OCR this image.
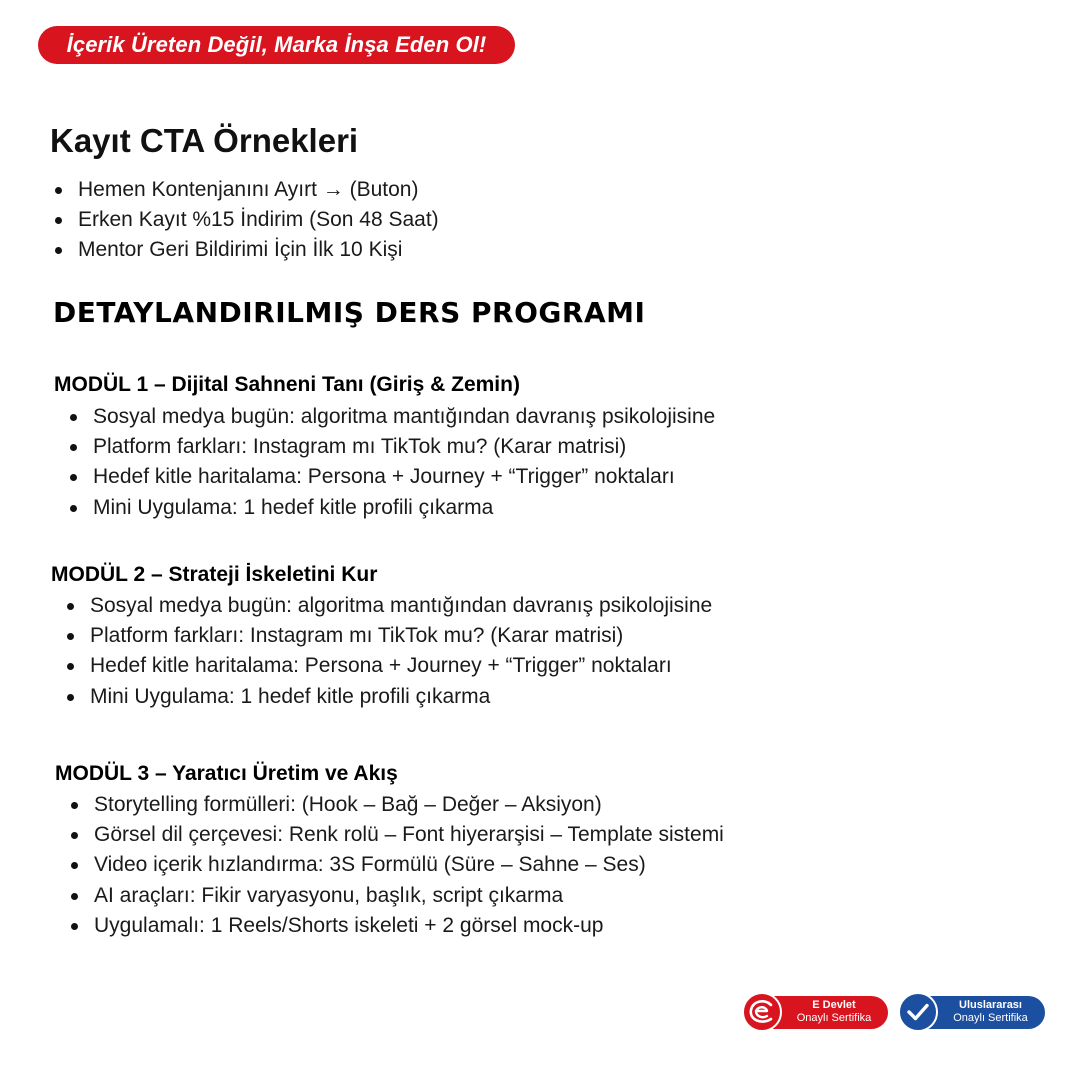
İçerik Üreten Değil, Marka İnşa Eden Ol!
Kayıt CTA Örnekleri
Hemen Kontenjanını Ayırt → (Buton)
Erken Kayıt %15 İndirim (Son 48 Saat)
Mentor Geri Bildirimi İçin İlk 10 Kişi
DETAYLANDIRILMIŞ DERS PROGRAMI
MODÜL 1 – Dijital Sahneni Tanı (Giriş & Zemin)
Sosyal medya bugün: algoritma mantığından davranış psikolojisine
Platform farkları: Instagram mı TikTok mu? (Karar matrisi)
Hedef kitle haritalama: Persona + Journey + “Trigger” noktaları
Mini Uygulama: 1 hedef kitle profili çıkarma
MODÜL 2 – Strateji İskeletini Kur
Sosyal medya bugün: algoritma mantığından davranış psikolojisine
Platform farkları: Instagram mı TikTok mu? (Karar matrisi)
Hedef kitle haritalama: Persona + Journey + “Trigger” noktaları
Mini Uygulama: 1 hedef kitle profili çıkarma
MODÜL 3 – Yaratıcı Üretim ve Akış
Storytelling formülleri: (Hook – Bağ – Değer – Aksiyon)
Görsel dil çerçevesi: Renk rolü – Font hiyerarşisi – Template sistemi
Video içerik hızlandırma: 3S Formülü (Süre – Sahne – Ses)
AI araçları: Fikir varyasyonu, başlık, script çıkarma
Uygulamalı: 1 Reels/Shorts iskeleti + 2 görsel mock-up
E Devlet
Onaylı Sertifika
Uluslararası
Onaylı Sertifika
